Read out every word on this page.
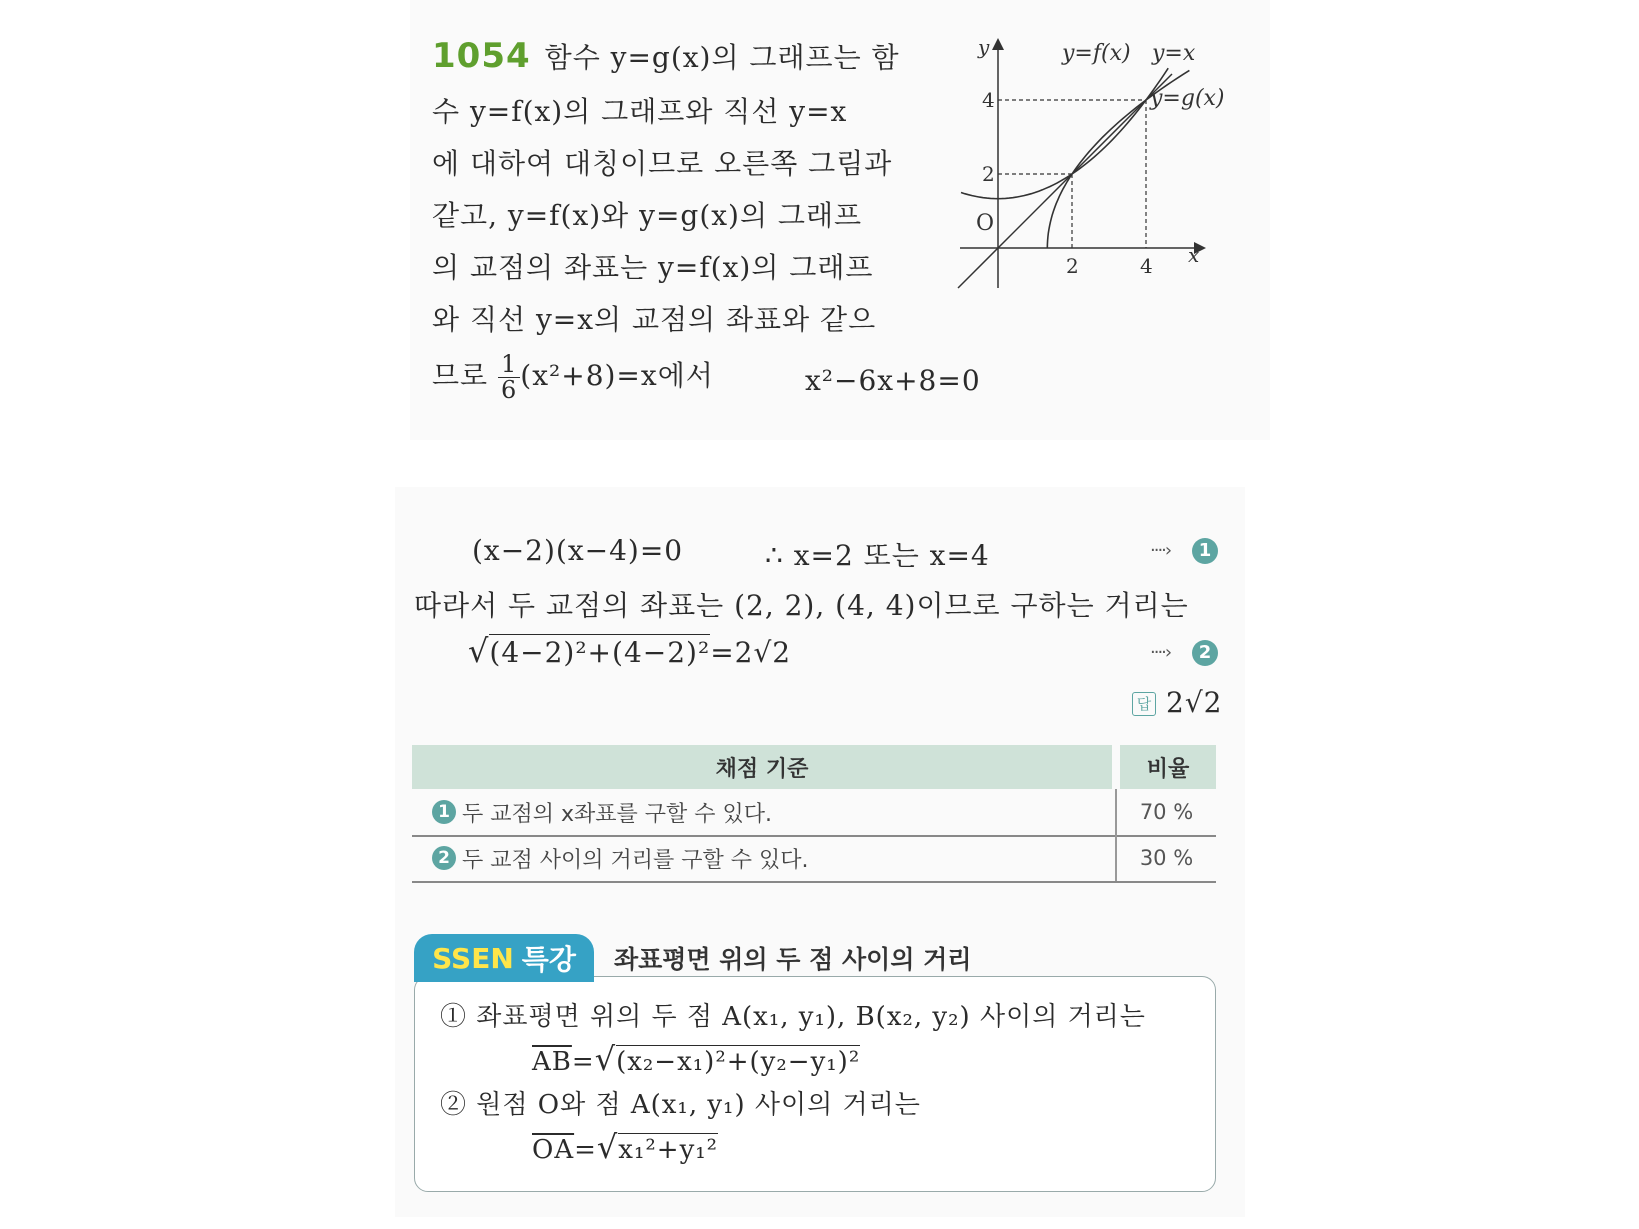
1054 함수 y=g(x)의 그래프는 함
수 y=f(x)의 그래프와 직선 y=x
에 대하여 대칭이므로 오른쪽 그림과
같고, y=f(x)와 y=g(x)의 그래프
의 교점의 좌표는 y=f(x)의 그래프
와 직선 y=x의 교점의 좌표와 같으
므로 $\frac{1}{6} (x^2+8)=x$에서	x²−6x+8=0
y
x
O
2	4
2
4
y=f(x) y=x
y=g(x)
(x−2)(x−4)=0	∴ x=2 또는 x=4	····›	1
따라서 두 교점의 좌표는 (2, 2), (4, 4)이므로 구하는 거리는
√(4−2)²+(4−2)²=2√2	····›	2
답 2√2
채점 기준	비율
1 두 교점의 x좌표를 구할 수 있다.	70 %
2 두 교점 사이의 거리를 구할 수 있다.	30 %
SSEN 특강 좌표평면 위의 두 점 사이의 거리
① 좌표평면 위의 두 점 A(x₁, y₁), B(x₂, y₂) 사이의 거리는
$\overline{AB}=√(x_2-x_1)^2+(y_2-y_1)^2$
② 원점 O와 점 A(x₁, y₁) 사이의 거리는
$\overline{OA}=√x_1^2+y_1^2$
